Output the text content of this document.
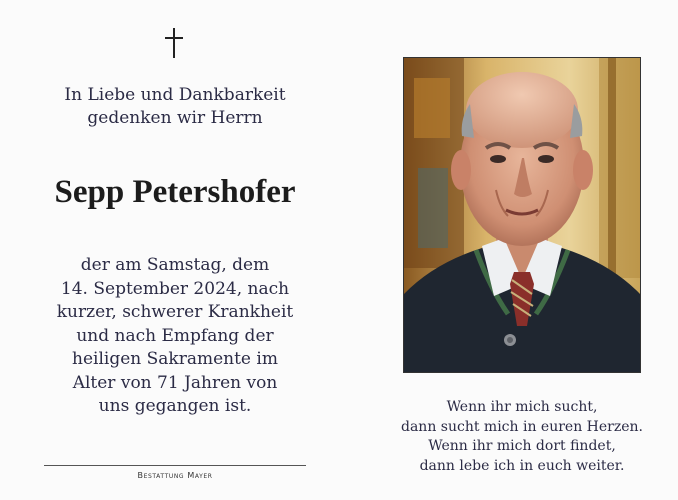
In Liebe und Dankbarkeit
gedenken wir Herrn
Sepp Petershofer
der am Samstag, dem
14. September 2024, nach
kurzer, schwerer Krankheit
und nach Empfang der
heiligen Sakramente im
Alter von 71 Jahren von
uns gegangen ist.
Bestattung Mayer
Wenn ihr mich sucht,
dann sucht mich in euren Herzen.
Wenn ihr mich dort findet,
dann lebe ich in euch weiter.
